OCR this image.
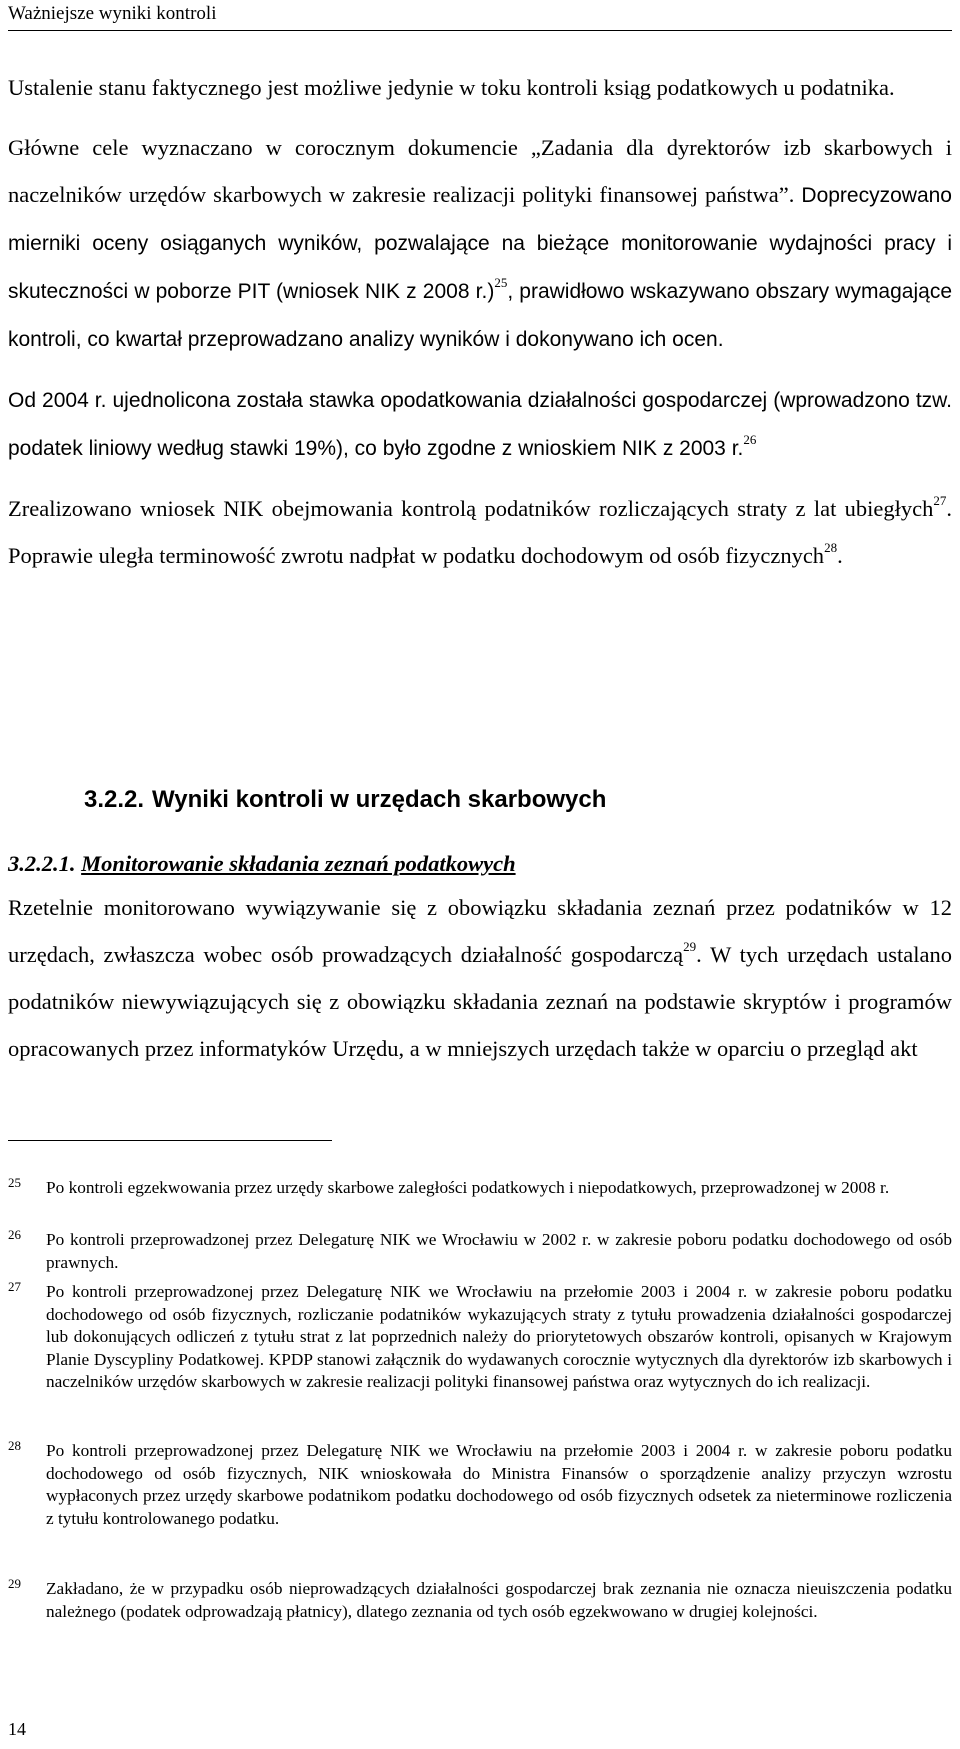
Ważniejsze wyniki kontroli

Ustalenie stanu faktycznego jest możliwe jedynie w toku kontroli ksiąg podatkowych u podatnika.

Główne cele wyznaczano w corocznym dokumencie „Zadania dla dyrektorów izb skarbowych i naczelników urzędów skarbowych w zakresie realizacji polityki finansowej państwa”. Doprecyzowano mierniki oceny osiąganych wyników, pozwalające na bieżące monitorowanie wydajności pracy i skuteczności w poborze PIT (wniosek NIK z 2008 r.)$^{25}$, prawidłowo wskazywano obszary wymagające kontroli, co kwartał przeprowadzano analizy wyników i dokonywano ich ocen.

Od 2004 r. ujednolicona została stawka opodatkowania działalności gospodarczej (wprowadzono tzw. podatek liniowy według stawki 19%), co było zgodne z wnioskiem NIK z 2003 r.$^{26}$

Zrealizowano wniosek NIK obejmowania kontrolą podatników rozliczających straty z lat ubiegłych$^{27}$. Poprawie uległa terminowość zwrotu nadpłat w podatku dochodowym od osób fizycznych$^{28}$.

3.2.2. Wyniki kontroli w urzędach skarbowych
3.2.2.1. Monitorowanie składania zeznań podatkowych

Rzetelnie monitorowano wywiązywanie się z obowiązku składania zeznań przez podatników w 12 urzędach, zwłaszcza wobec osób prowadzących działalność gospodarczą$^{29}$. W tych urzędach ustalano podatników niewywiązujących się z obowiązku składania zeznań na podstawie skryptów i programów opracowanych przez informatyków Urzędu, a w mniejszych urzędach także w oparciu o przegląd akt

25 Po kontroli egzekwowania przez urzędy skarbowe zaległości podatkowych i niepodatkowych, przeprowadzonej w 2008 r.
26 Po kontroli przeprowadzonej przez Delegaturę NIK we Wrocławiu w 2002 r. w zakresie poboru podatku dochodowego od osób prawnych.
27 Po kontroli przeprowadzonej przez Delegaturę NIK we Wrocławiu na przełomie 2003 i 2004 r. w zakresie poboru podatku dochodowego od osób fizycznych, rozliczanie podatników wykazujących straty z tytułu prowadzenia działalności gospodarczej lub dokonujących odliczeń z tytułu strat z lat poprzednich należy do priorytetowych obszarów kontroli, opisanych w Krajowym Planie Dyscypliny Podatkowej. KPDP stanowi załącznik do wydawanych corocznie wytycznych dla dyrektorów izb skarbowych i naczelników urzędów skarbowych w zakresie realizacji polityki finansowej państwa oraz wytycznych do ich realizacji.
28 Po kontroli przeprowadzonej przez Delegaturę NIK we Wrocławiu na przełomie 2003 i 2004 r. w zakresie poboru podatku dochodowego od osób fizycznych, NIK wnioskowała do Ministra Finansów o sporządzenie analizy przyczyn wzrostu wypłaconych przez urzędy skarbowe podatnikom podatku dochodowego od osób fizycznych odsetek za nieterminowe rozliczenia z tytułu kontrolowanego podatku.
29 Zakładano, że w przypadku osób nieprowadzących działalności gospodarczej brak zeznania nie oznacza nieuiszczenia podatku należnego (podatek odprowadzają płatnicy), dlatego zeznania od tych osób egzekwowano w drugiej kolejności.
14
